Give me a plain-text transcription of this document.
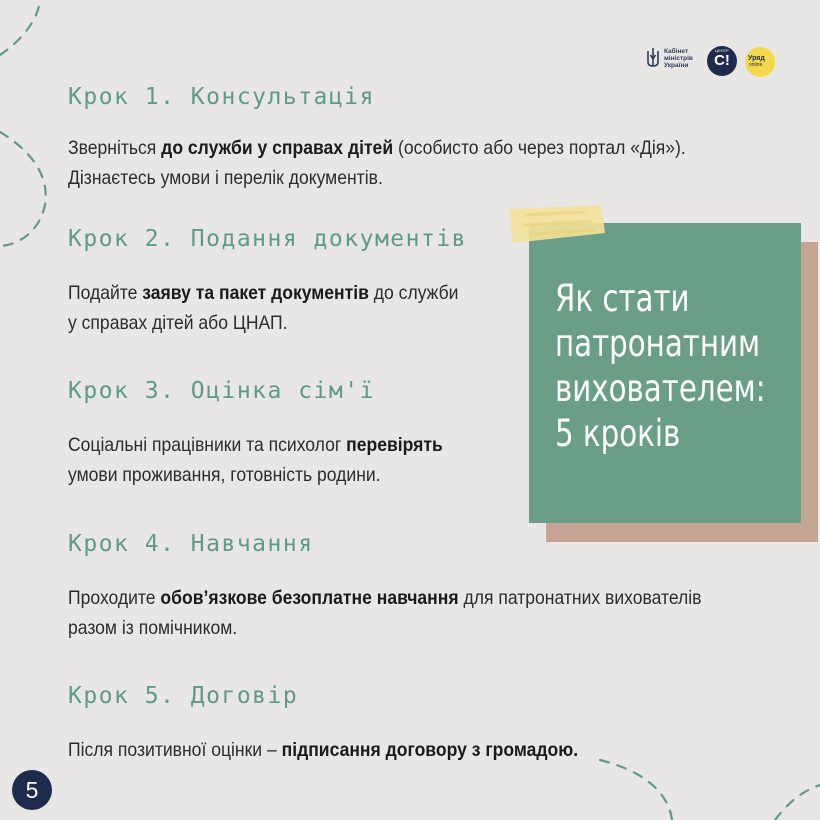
Кабінет міністрів України
ЦЕНТР
С!	Уряд
online
Крок 1. Консультація
Зверніться до служби у справах дітей (особисто або через портал «Дія»).
Дізнаєтесь умови і перелік документів.
Крок 2. Подання документів
Подайте заяву та пакет документів до служби
у справах дітей або ЦНАП.
Крок 3. Оцінка сім'ї
Соціальні працівники та психолог перевірять
умови проживання, готовність родини.
Крок 4. Навчання
Проходите обов’язкове безоплатне навчання для патронатних вихователів
разом із помічником.
Крок 5. Договір
Після позитивної оцінки – підписання договору з громадою.
Як стати
патронатним
вихователем:
5 кроків
5
